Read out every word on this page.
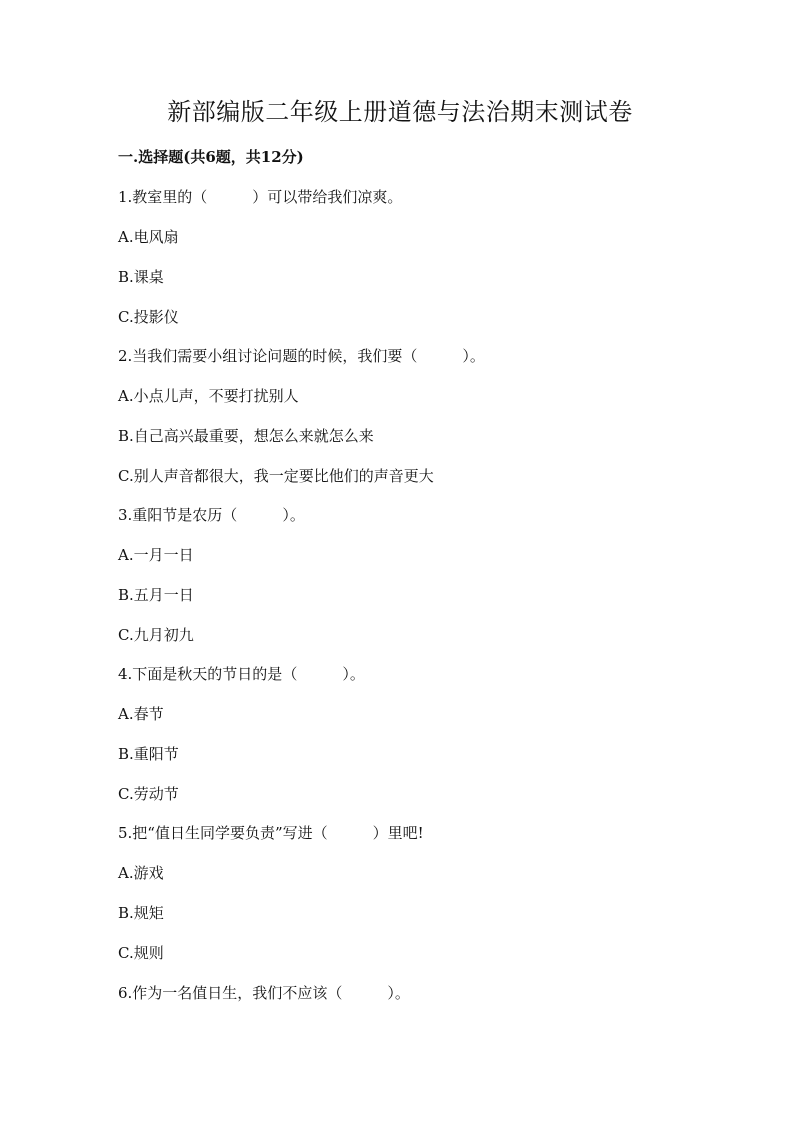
新部编版二年级上册道德与法治期末测试卷
一.选择题(共6题，共12分)
1.教室里的（　　　）可以带给我们凉爽。
A.电风扇
B.课桌
C.投影仪
2.当我们需要小组讨论问题的时候，我们要（　　　）。
A.小点儿声，不要打扰别人
B.自己高兴最重要，想怎么来就怎么来
C.别人声音都很大，我一定要比他们的声音更大
3.重阳节是农历（　　　）。
A.一月一日
B.五月一日
C.九月初九
4.下面是秋天的节日的是（　　　）。
A.春节
B.重阳节
C.劳动节
5.把“值日生同学要负责”写进（　　　）里吧!
A.游戏
B.规矩
C.规则
6.作为一名值日生，我们不应该（　　　）。
